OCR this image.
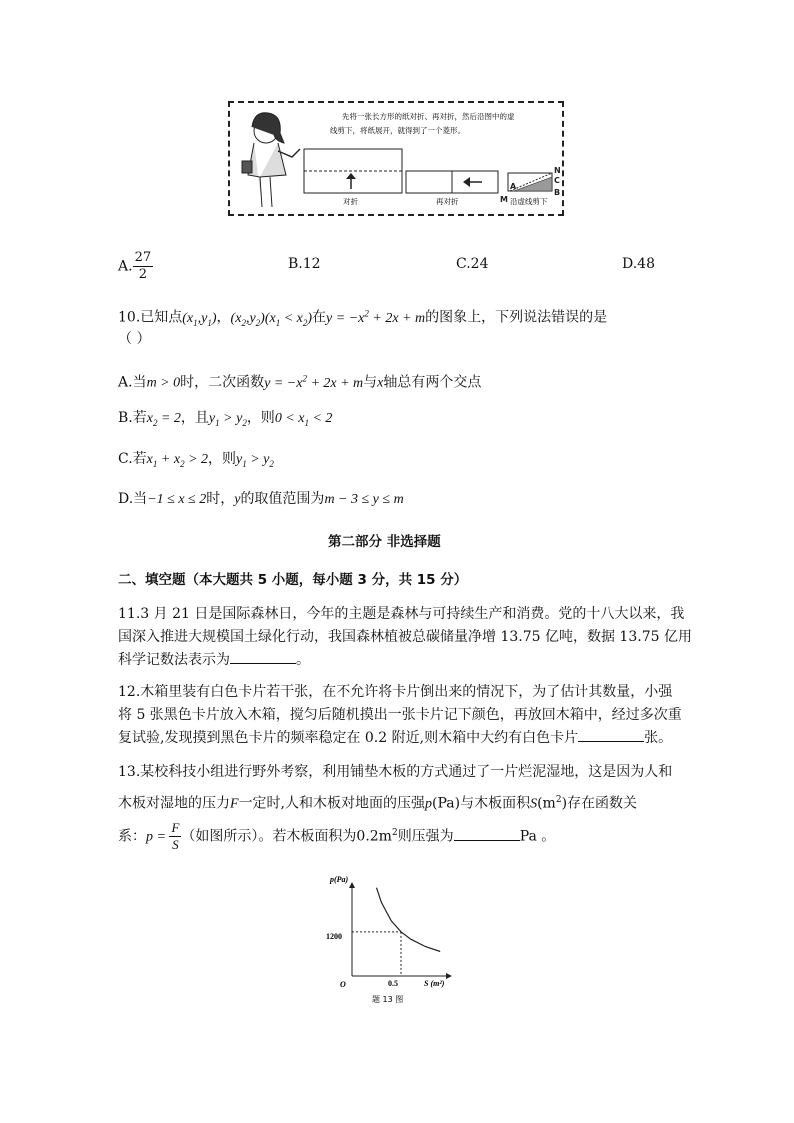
先将一张长方形的纸对折、再对折，然后沿图中的虚
线剪下，将纸展开，就得到了一个菱形。
对折	再对折	M
A
B
C
N
沿虚线剪下
A. $\frac{27}{2}$	B.12	C.24	D.48
10.已知点$(x_1,y_1)$，$(x_2,y_2)(x_1 < x_2)$在$y = -x^2 + 2x + m$的图象上，下列说法错误的是
（ ）
A.当m > 0时，二次函数$y = -x^2 + 2x + m$与x轴总有两个交点
B.若$x_2 = 2$，且$y_1 > y_2$，则$0 < x_1 < 2$
C.若$x_1 + x_2 > 2$，则$y_1 > y_2$
D.当−1 ≤ x ≤ 2时，y的取值范围为m − 3 ≤ y ≤ m
第二部分 非选择题
二、填空题（本大题共 5 小题，每小题 3 分，共 15 分）
11.3 月 21 日是国际森林日，今年的主题是森林与可持续生产和消费。党的十八大以来，我
国深入推进大规模国土绿化行动，我国森林植被总碳储量净增 13.75 亿吨，数据 13.75 亿用
科学记数法表示为	。
12.木箱里装有白色卡片若干张，在不允许将卡片倒出来的情况下，为了估计其数量，小强
将 5 张黑色卡片放入木箱，搅匀后随机摸出一张卡片记下颜色，再放回木箱中，经过多次重
复试验,发现摸到黑色卡片的频率稳定在 0.2 附近,则木箱中大约有白色卡片	张。
13.某校科技小组进行野外考察，利用铺垫木板的方式通过了一片烂泥湿地，这是因为人和
木板对湿地的压力F一定时,人和木板对地面的压强p(Pa)与木板面积$S(m^2)$存在函数关
系：$p = \frac{F}{S}$ （如图所示）。若木板面积为$0.2m^2$则压强为	Pa 。
p(Pa)
S (m²)
O	0.5
1200
题 13 图
